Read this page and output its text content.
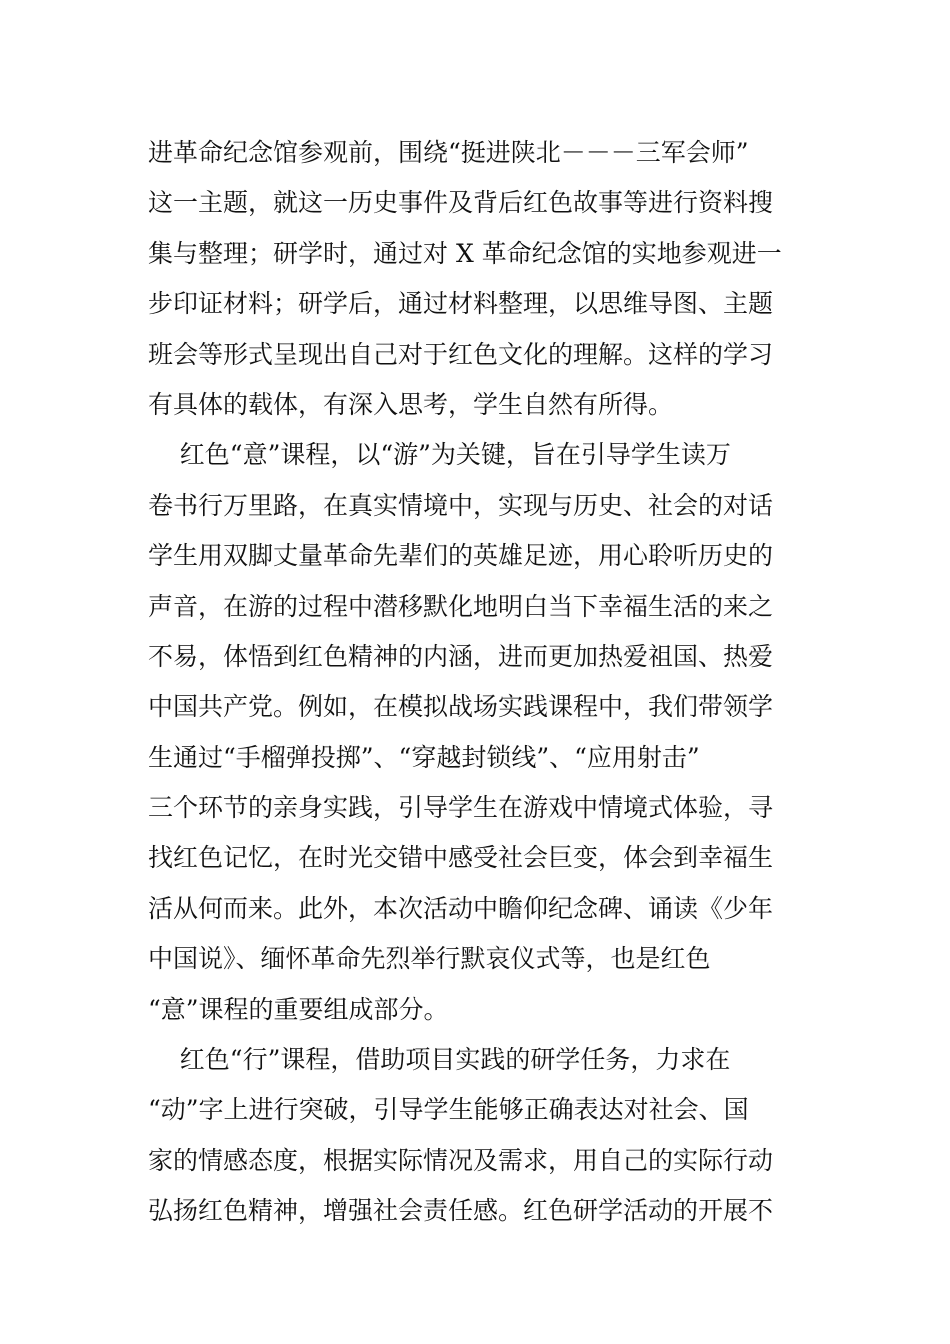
进革命纪念馆参观前，围绕“挺进陕北－－－三军会师”
这一主题，就这一历史事件及背后红色故事等进行资料搜
集与整理；研学时，通过对 X 革命纪念馆的实地参观进一
步印证材料；研学后，通过材料整理，以思维导图、主题
班会等形式呈现出自己对于红色文化的理解。这样的学习
有具体的载体，有深入思考，学生自然有所得。
红色“意”课程，以“游”为关键，旨在引导学生读万
卷书行万里路，在真实情境中，实现与历史、社会的对话
学生用双脚丈量革命先辈们的英雄足迹，用心聆听历史的
声音，在游的过程中潜移默化地明白当下幸福生活的来之
不易，体悟到红色精神的内涵，进而更加热爱祖国、热爱
中国共产党。例如，在模拟战场实践课程中，我们带领学
生通过“手榴弹投掷”、“穿越封锁线”、“应用射击”
三个环节的亲身实践，引导学生在游戏中情境式体验，寻
找红色记忆，在时光交错中感受社会巨变，体会到幸福生
活从何而来。此外，本次活动中瞻仰纪念碑、诵读《少年
中国说》、缅怀革命先烈举行默哀仪式等，也是红色
“意”课程的重要组成部分。
红色“行”课程，借助项目实践的研学任务，力求在
“动”字上进行突破，引导学生能够正确表达对社会、国
家的情感态度，根据实际情况及需求，用自己的实际行动
弘扬红色精神，增强社会责任感。红色研学活动的开展不
